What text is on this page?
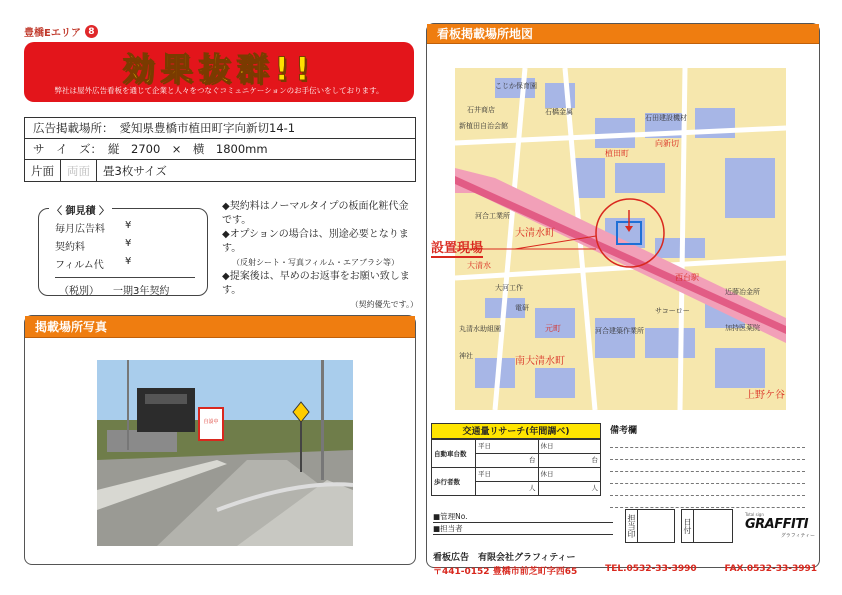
豊橋Eエリア 8
効果抜群!!
弊社は屋外広告看板を通じて企業と人々をつなぐコミュニケーションのお手伝いをしております。
広告掲載場所： 愛知県豊橋市植田町字向新切14-1
サ　イ　ズ： 縦　2700　×　横　1800mm
片面	両面	畳3枚サイズ
〈 御見積 〉
毎月広告料	¥
契約料	¥
フィルム代	¥
（税別）	一期3年契約
◆契約料はノーマルタイプの板面化粧代金です。
◆オプションの場合は、別途必要となります。
（反射シート・写真フィルム・エアブラシ等）
◆提案後は、早めのお返事をお願い致します。
（契約優先です。）
掲載場所写真
自設中
看板掲載場所地図
こじか保育園
石井商店	石橋金属
石田建設機材
新植田自治会館
向新切
植田町
河合工業所
大清水町
大清水
大河工作
電研
丸清水助組園	元町	河合建築作業所
神社	南大清水町
近藤冶金所
加持医薬院
上野ケ谷
西台駅
サコーロー
設置現場
交通量リサーチ(年間調べ)
自動車台数	平日	休日
	台	台
歩行者数	平日	休日
	人	人
備考欄
■管理No.
■担当者	担当印	日付
Total sign
GRAFFITI
グラフィティー
看板広告　有限会社グラフィティー
〒441-0152 豊橋市前芝町字西65	TEL.0532-33-3990	FAX.0532-33-3991
